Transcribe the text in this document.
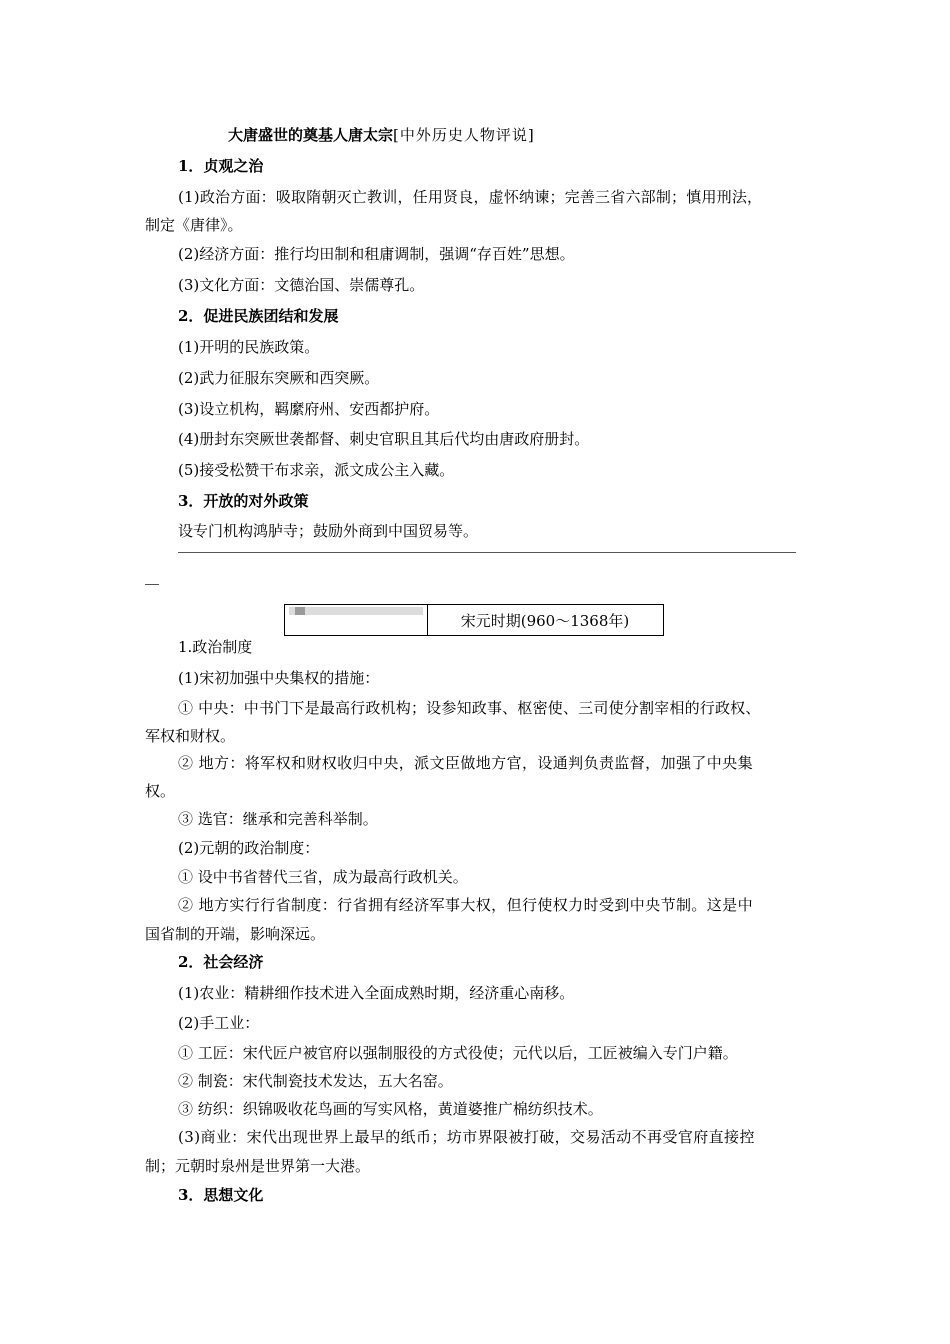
大唐盛世的奠基人唐太宗[中外历史人物评说]
1．贞观之治
(1)政治方面：吸取隋朝灭亡教训，任用贤良，虚怀纳谏；完善三省六部制；慎用刑法，
制定《唐律》。
(2)经济方面：推行均田制和租庸调制，强调“存百姓”思想。
(3)文化方面：文德治国、崇儒尊孔。
2．促进民族团结和发展
(1)开明的民族政策。
(2)武力征服东突厥和西突厥。
(3)设立机构，羁縻府州、安西都护府。
(4)册封东突厥世袭都督、刺史官职且其后代均由唐政府册封。
(5)接受松赞干布求亲，派文成公主入藏。
3．开放的对外政策
设专门机构鸿胪寺；鼓励外商到中国贸易等。
宋元时期(960～1368年)
1.政治制度
(1)宋初加强中央集权的措施：
① 中央：中书门下是最高行政机构；设参知政事、枢密使、三司使分割宰相的行政权、
军权和财权。
② 地方：将军权和财权收归中央，派文臣做地方官，设通判负责监督，加强了中央集
权。
③ 选官：继承和完善科举制。
(2)元朝的政治制度：
① 设中书省替代三省，成为最高行政机关。
② 地方实行行省制度：行省拥有经济军事大权，但行使权力时受到中央节制。这是中
国省制的开端，影响深远。
2．社会经济
(1)农业：精耕细作技术进入全面成熟时期，经济重心南移。
(2)手工业：
① 工匠：宋代匠户被官府以强制服役的方式役使；元代以后，工匠被编入专门户籍。
② 制瓷：宋代制瓷技术发达，五大名窑。
③ 纺织：织锦吸收花鸟画的写实风格，黄道婆推广棉纺织技术。
(3)商业：宋代出现世界上最早的纸币；坊市界限被打破，交易活动不再受官府直接控
制；元朝时泉州是世界第一大港。
3．思想文化
